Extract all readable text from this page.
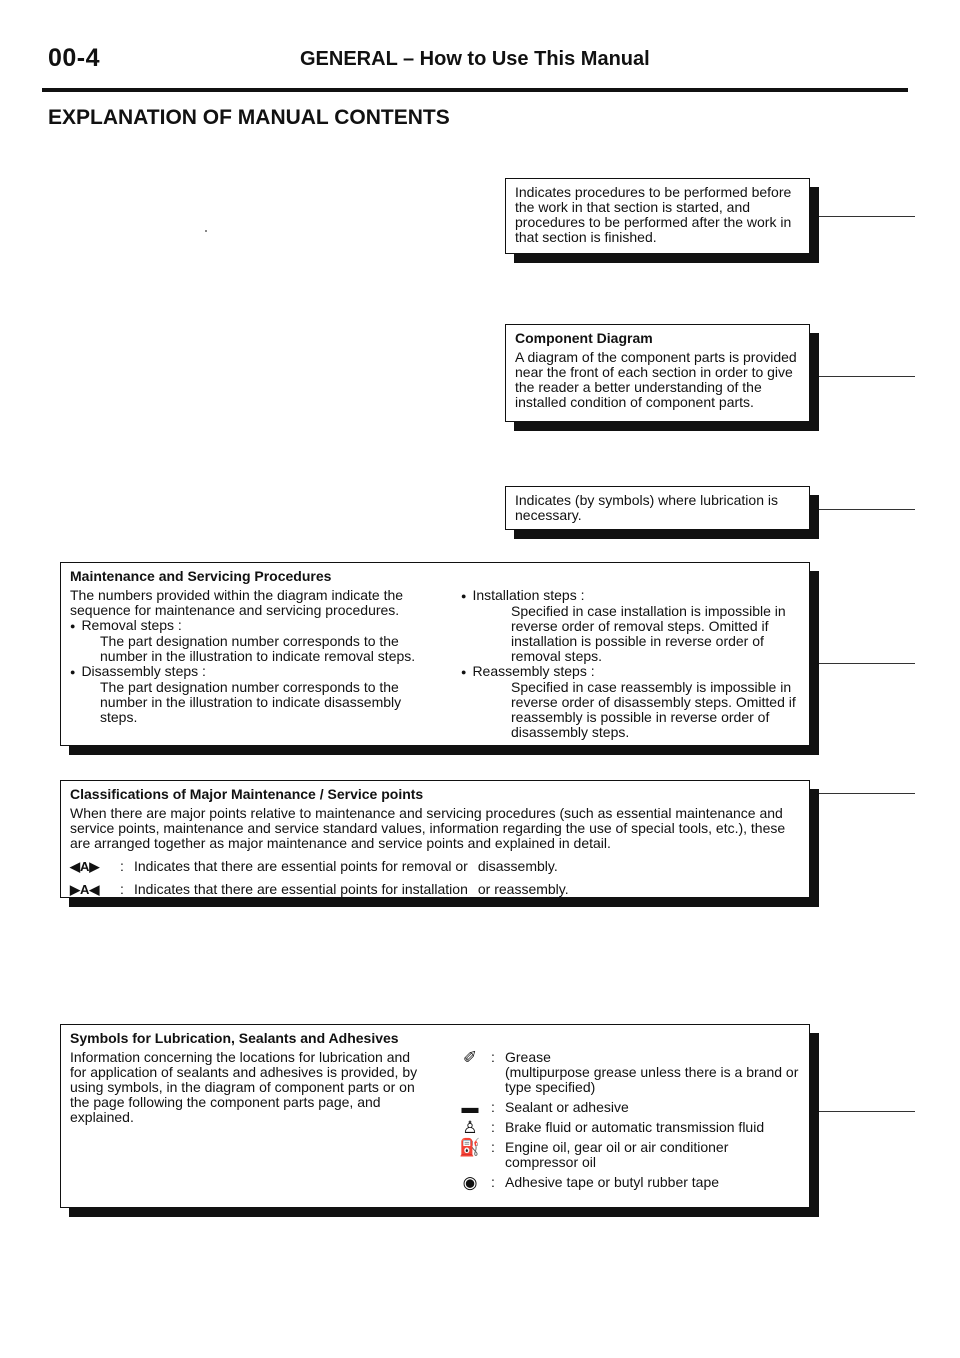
00-4	GENERAL – How to Use This Manual
EXPLANATION OF MANUAL CONTENTS
Indicates procedures to be performed before the work in that section is started, and procedures to be performed after the work in that section is finished.
Component Diagram
A diagram of the component parts is provided near the front of each section in order to give the reader a better understanding of the installed condition of component parts.
Indicates (by symbols) where lubrication is necessary.
Maintenance and Servicing Procedures
The numbers provided within the diagram indicate the sequence for maintenance and servicing procedures.
● Removal steps :
The part designation number corresponds to the number in the illustration to indicate removal steps.
● Disassembly steps :
The part designation number corresponds to the number in the illustration to indicate disassembly steps.
● Installation steps :
Specified in case installation is impossible in reverse order of removal steps. Omitted if installation is possible in reverse order of removal steps.
● Reassembly steps :
Specified in case reassembly is impossible in reverse order of disassembly steps. Omitted if reassembly is possible in reverse order of disassembly steps.
Classifications of Major Maintenance / Service points
When there are major points relative to maintenance and servicing procedures (such as essential maintenance and service points, maintenance and service standard values, information regarding the use of special tools, etc.), these are arranged together as major maintenance and service points and explained in detail.
◀A▶	: Indicates that there are essential points for removal or disassembly.
▶A◀	: Indicates that there are essential points for installation or reassembly.
Symbols for Lubrication, Sealants and Adhesives
Information concerning the locations for lubrication and for application of sealants and adhesives is provided, by using symbols, in the diagram of component parts or on the page following the component parts page, and explained.
✐ : Grease
(multipurpose grease unless there is a brand or type specified)
▬ : Sealant or adhesive
♙ : Brake fluid or automatic transmission fluid
⛽ : Engine oil, gear oil or air conditioner compressor oil
◉ : Adhesive tape or butyl rubber tape
